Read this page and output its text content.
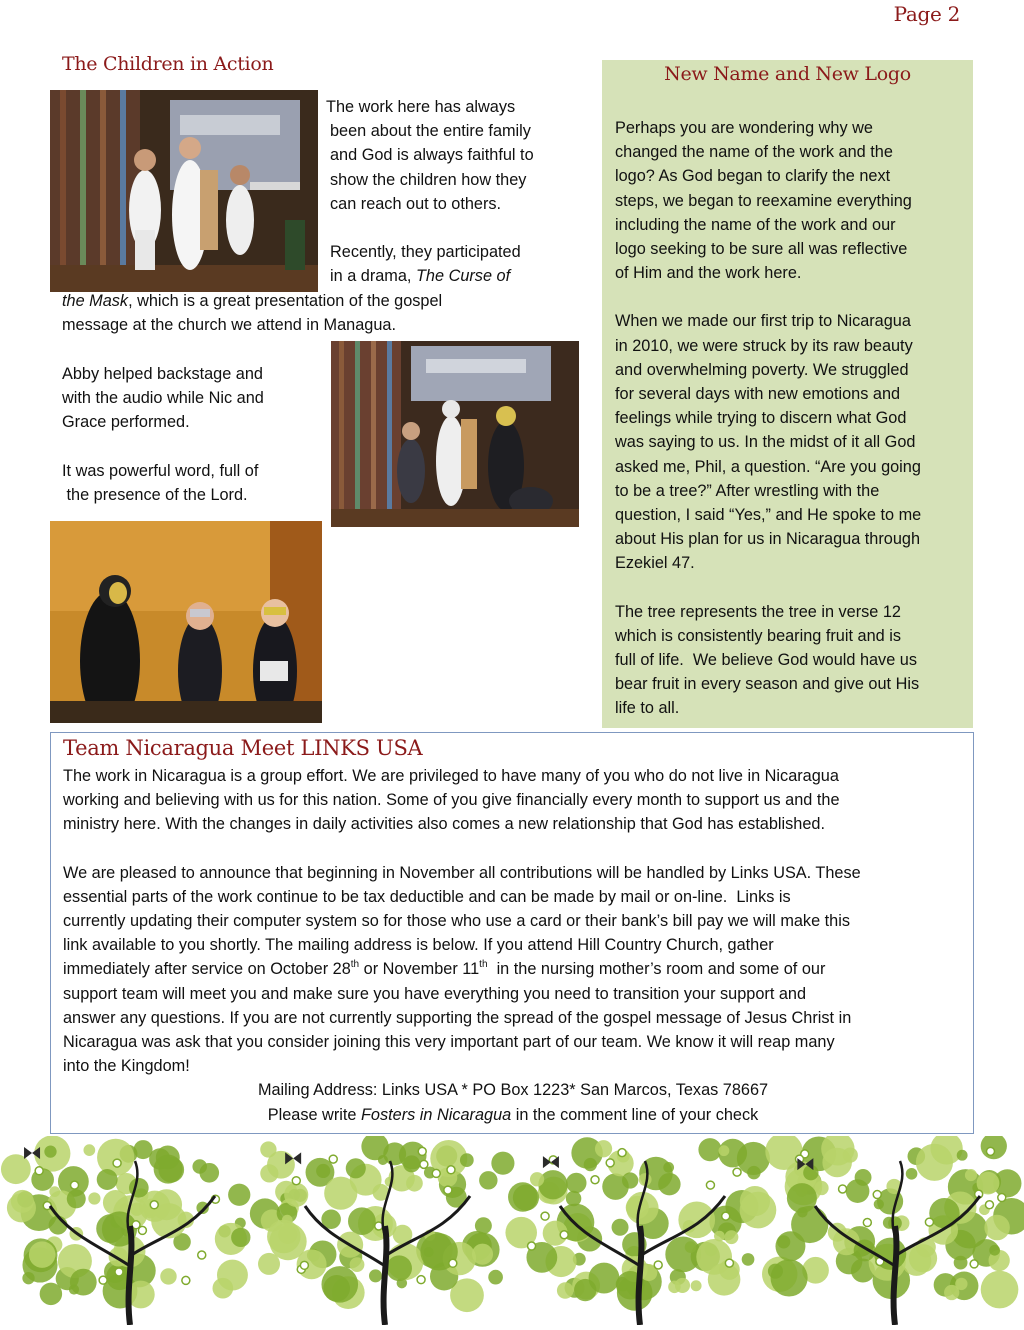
Page 2
The Children in Action

The work here has always

been about the entire family

and God is always faithful to

show the children how they

can reach out to others.

Recently, they participated

in a drama, The Curse of

the Mask, which is a great presentation of the gospel
message at the church we attend in Managua.

Abby helped backstage and

with the audio while Nic and

Grace performed.

It was powerful word, full of

the presence of the Lord.

New Name and New Logo

Perhaps you are wondering why we
changed the name of the work and the
logo? As God began to clarify the next
steps, we began to reexamine everything
including the name of the work and our
logo seeking to be sure all was reflective
of Him and the work here.

When we made our first trip to Nicaragua
in 2010, we were struck by its raw beauty
and overwhelming poverty. We struggled
for several days with new emotions and
feelings while trying to discern what God
was saying to us. In the midst of it all God
asked me, Phil, a question. “Are you going
to be a tree?” After wrestling with the
question, I said “Yes,” and He spoke to me
about His plan for us in Nicaragua through
Ezekiel 47.

The tree represents the tree in verse 12
which is consistently bearing fruit and is
full of life.  We believe God would have us
bear fruit in every season and give out His
life to all.

Team Nicaragua Meet LINKS USA

The work in Nicaragua is a group effort. We are privileged to have many of you who do not live in Nicaragua
working and believing with us for this nation. Some of you give financially every month to support us and the
ministry here. With the changes in daily activities also comes a new relationship that God has established.

We are pleased to announce that beginning in November all contributions will be handled by Links USA. These
essential parts of the work continue to be tax deductible and can be made by mail or on-line.  Links is
currently updating their computer system so for those who use a card or their bank’s bill pay we will make this
link available to you shortly. The mailing address is below. If you attend Hill Country Church, gather
immediately after service on October 28th or November 11th  in the nursing mother’s room and some of our
support team will meet you and make sure you have everything you need to transition your support and
answer any questions. If you are not currently supporting the spread of the gospel message of Jesus Christ in
Nicaragua was ask that you consider joining this very important part of our team. We know it will reap many
into the Kingdom!

Mailing Address: Links USA * PO Box 1223* San Marcos, Texas 78667
Please write Fosters in Nicaragua in the comment line of your check
